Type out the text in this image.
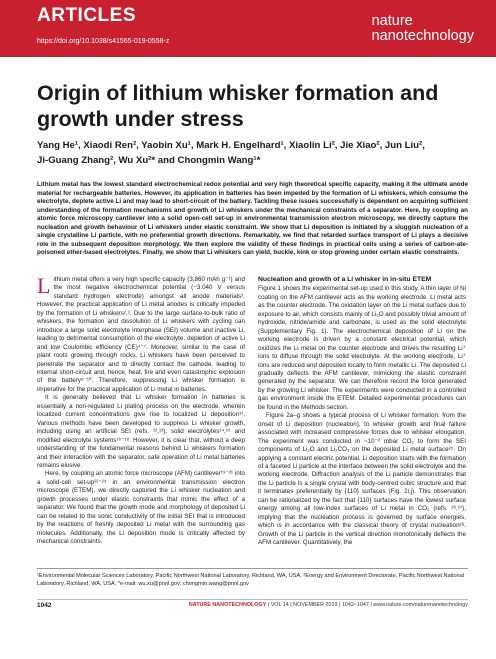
ARTICLES
https://doi.org/10.1038/s41565-019-0558-z
nature
nanotechnology
Origin of lithium whisker formation and growth under stress
Yang He¹, Xiaodi Ren², Yaobin Xu¹, Mark H. Engelhard¹, Xiaolin Li², Jie Xiao², Jun Liu²,
Ji-Guang Zhang², Wu Xu²* and Chongmin Wang¹*
Lithium metal has the lowest standard electrochemical redox potential and very high theoretical specific capacity, making it the ultimate anode material for rechargeable batteries. However, its application in batteries has been impeded by the formation of Li whiskers, which consume the electrolyte, deplete active Li and may lead to short-circuit of the battery. Tackling these issues successfully is dependent on acquiring sufficient understanding of the formation mechanisms and growth of Li whiskers under the mechanical constraints of a separator. Here, by coupling an atomic force microscopy cantilever into a solid open-cell set-up in environmental transmission electron microscopy, we directly capture the nucleation and growth behaviour of Li whiskers under elastic constraint. We show that Li deposition is initiated by a sluggish nucleation of a single crystalline Li particle, with no preferential growth directions. Remarkably, we find that retarded surface transport of Li plays a decisive role in the subsequent deposition morphology. We then explore the validity of these findings in practical cells using a series of carbon-ate-poisoned ether-based electrolytes. Finally, we show that Li whiskers can yield, buckle, kink or stop growing under certain elastic constraints.

Lithium metal offers a very high specific capacity (3,860 mAh g⁻¹) and the most negative electrochemical potential (−3.040 V versus standard hydrogen electrode) amongst all anode materials¹. However, the practical application of Li metal anodes is critically impeded by the formation of Li whiskers²,³. Due to the large surface-to-bulk ratio of whiskers, the formation and dissolution of Li whiskers with cycling can introduce a large solid electrolyte interphase (SEI) volume and inactive Li, leading to detrimental consumption of the electrolyte, depletion of active Li and low Coulombic efficiency (CE)⁴⁻⁷. Moreover, similar to the case of plant roots growing through rocks, Li whiskers have been perceived to penetrate the separator and to directly contact the cathode, leading to internal short-circuit and, hence, heat, fire and even catastrophic explosion of the battery⁸⁻¹⁰. Therefore, suppressing Li whisker formation is imperative for the practical application of Li metal in batteries.

It is generally believed that Li whisker formation in batteries is essentially a non-regulated Li plating process on the electrode, wherein localized current concentrations give rise to localized Li deposition¹¹. Various methods have been developed to suppress Li whisker growth, including using an artificial SEI (refs. ¹²,¹³), solid electrolytes¹⁴,¹⁵ and modified electrolyte systems¹⁶⁻¹⁸. However, it is clear that, without a deep understanding of the fundamental reasons behind Li whiskers formation and their interaction with the separator, safe operation of Li metal batteries remains elusive.

Here, by coupling an atomic force microscope (AFM) cantilever¹⁹⁻²¹ into a solid-cell set-up²²⁻²⁴ in an environmental transmission electron microscope (ETEM), we directly captured the Li whisker nucleation and growth processes under elastic constraints that mimic the effect of a separator. We found that the growth mode and morphology of deposited Li can be related to the sonic conductivity of the initial SEI that is introduced by the reactions of freshly deposited Li metal with the surrounding gas molecules. Additionally, the Li deposition mode is critically affected by mechanical constraints.

Nucleation and growth of a Li whisker in in-situ ETEM

Figure 1 shows the experimental set-up used in this study. A thin layer of Ni coating on the AFM cantilever acts as the working electrode. Li metal acts as the counter electrode. The oxidation layer on the Li metal surface due to exposure to air, which consists mainly of Li₂O and possibly trivial amount of hydroxide, nitride/amide and carbonate, is used as the solid electrolyte (Supplementary Fig. 1). The electrochemical deposition of Li on the working electrode is driven by a constant electrical potential, which oxidizes the Li metal on the counter electrode and drives the resulting Li⁺ ions to diffuse through the solid electrolyte. At the working electrode, Li⁺ ions are reduced and deposited locally to form metallic Li. The deposited Li gradually deflects the AFM cantilever, mimicking the elastic constraint generated by the separator. We can therefore record the force generated by the growing Li whisker. The experiments were conducted in a controlled gas environment inside the ETEM. Detailed experimental procedures can be found in the Methods section.

Figure 2a–g shows a typical process of Li whisker formation: from the onset of Li deposition (nucleation), to whisker growth and final failure associated with increased compressive forces due to whisker elongation. The experiment was conducted in ~10⁻² mbar CO₂ to form the SEI components of Li₂O and Li₂CO₃ on the deposited Li metal surface²⁵. On applying a constant electric potential, Li deposition starts with the formation of a faceted Li particle at the interface between the solid electrolyte and the working electrode. Diffraction analysis of the Li particle demonstrates that the Li particle is a single crystal with body-centred cubic structure and that it terminates preferentially by {110} surfaces (Fig. 2i,j). This observation can be rationalized by the fact that {110} surfaces have the lowest surface energy among all low-index surfaces of Li metal in CO₂ (refs. ²⁶,²⁷), implying that the nucleation process is governed by surface energies, which is in accordance with the classical theory of crystal nucleation²⁸. Growth of the Li particle in the vertical direction monotonically deflects the AFM cantilever. Quantitatively, the

¹Environmental Molecular Sciences Laboratory, Pacific Northwest National Laboratory, Richland, WA, USA. ²Energy and Environment Directorate, Pacific Northwest National Laboratory, Richland, WA, USA. *e-mail: wu.xu@pnnl.gov; chongmin.wang@pnnl.gov
1042	NATURE NANOTECHNOLOGY | VOL 14 | NOVEMBER 2019 | 1042–1047 | www.nature.com/naturenanotechnology
